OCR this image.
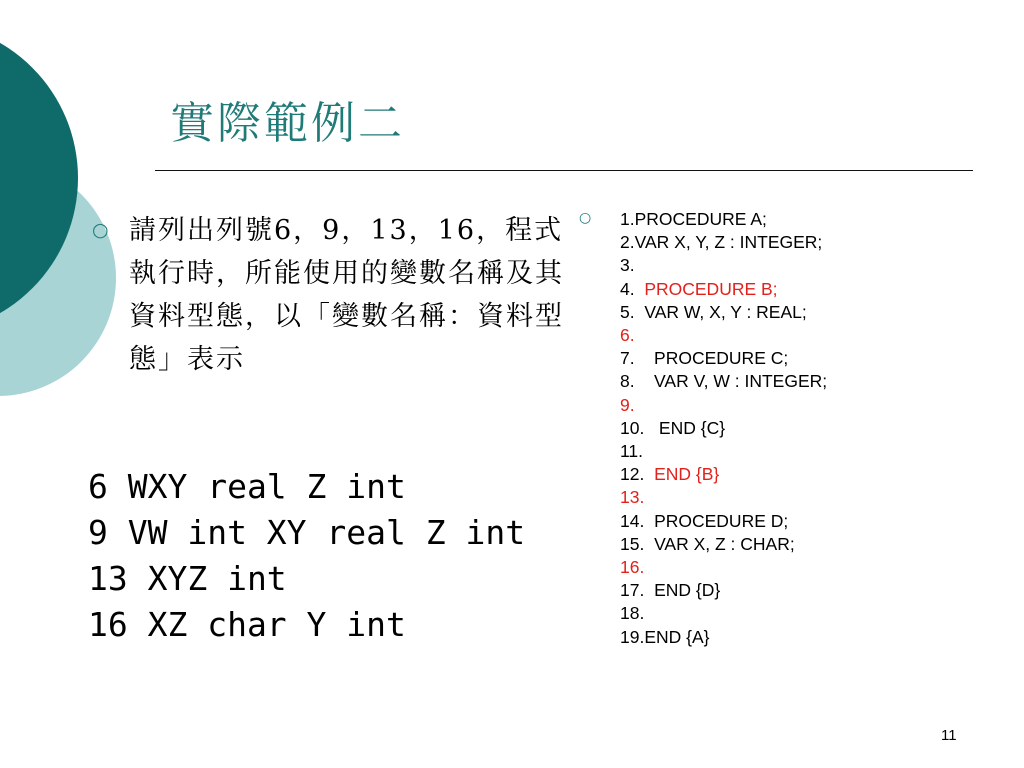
實際範例二
○ 請列出列號6，9，13，16，程式執行時，所能使用的變數名稱及其資料型態，以「變數名稱：資料型態」表示
6 WXY real Z int
9 VW int XY real Z int
13 XYZ int
16 XZ char Y int
○ 1.PROCEDURE A;
2.VAR X, Y, Z : INTEGER;
3.
4.  PROCEDURE B;
5.  VAR W, X, Y : REAL;
6.
7.    PROCEDURE C;
8.    VAR V, W : INTEGER;
9.
10.   END {C}
11.
12.  END {B}
13.
14.  PROCEDURE D;
15.  VAR X, Z : CHAR;
16.
17.  END {D}
18.
19.END {A}
11
